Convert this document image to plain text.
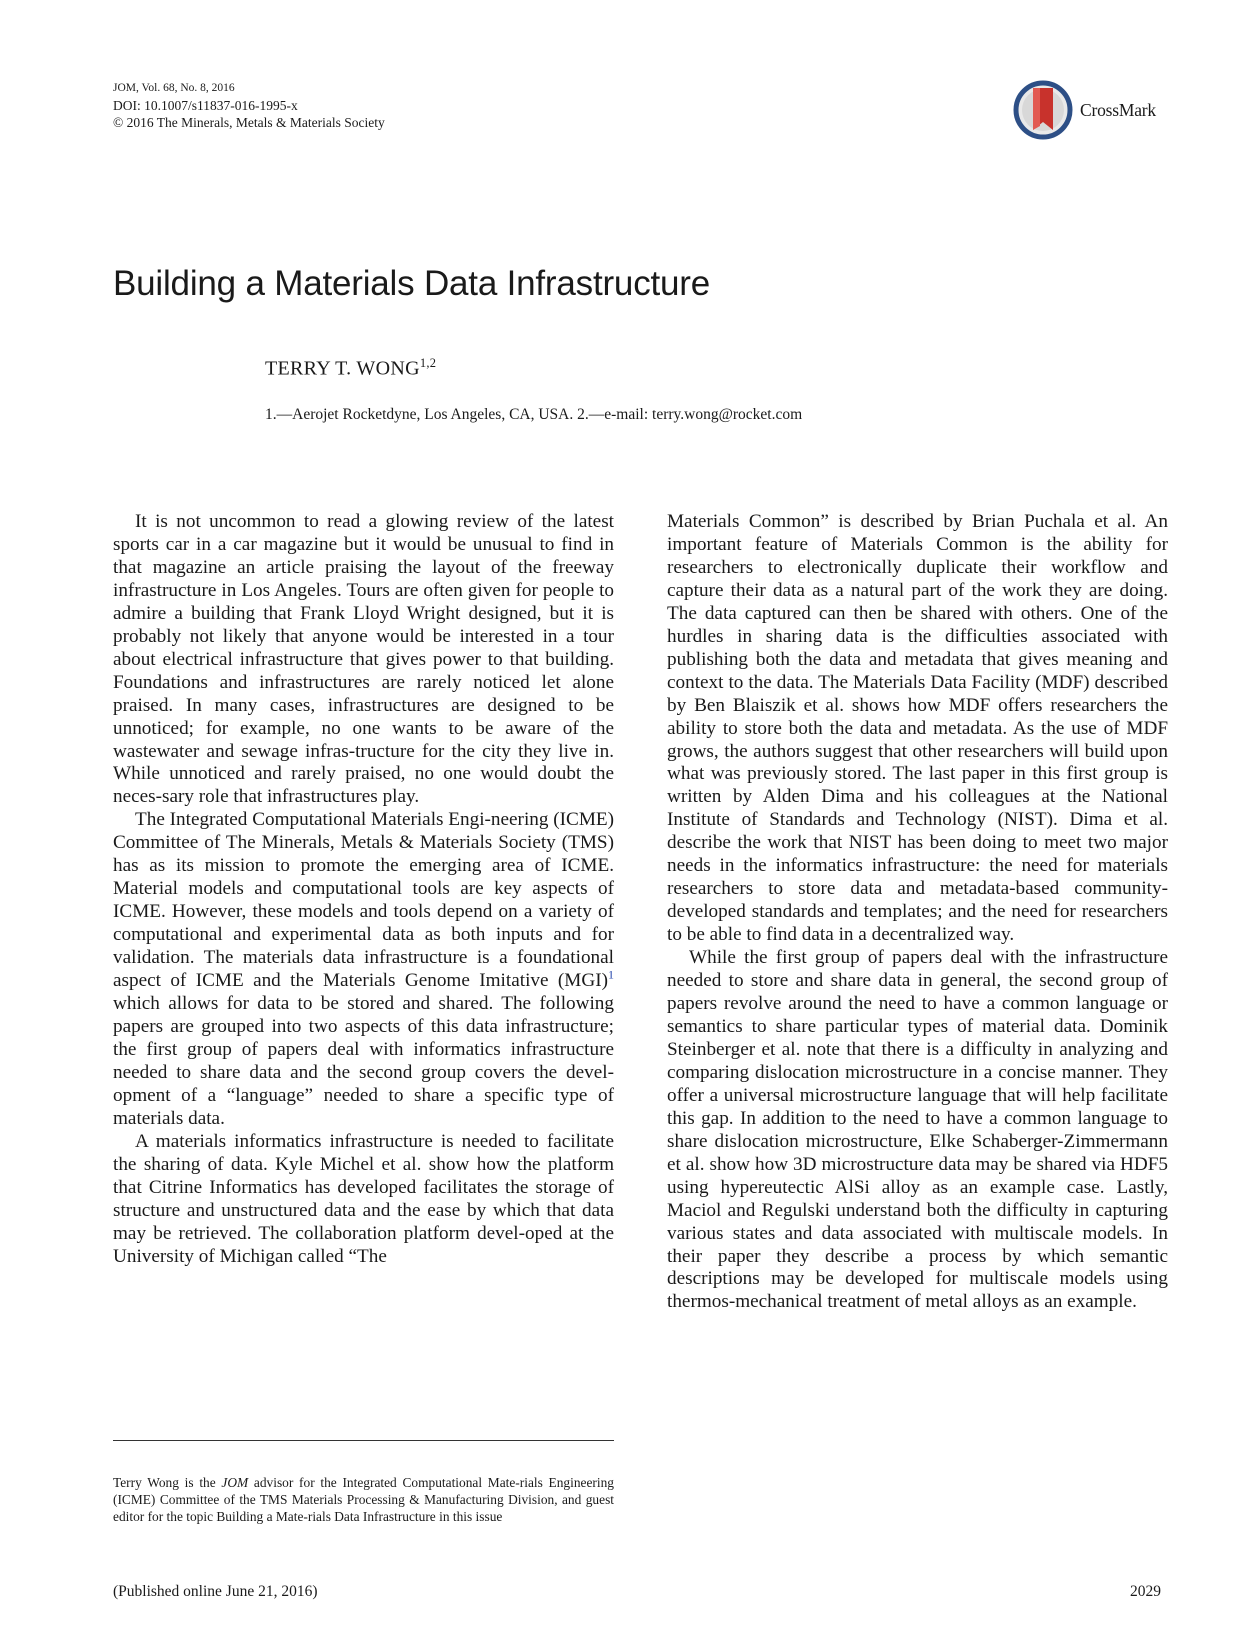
JOM, Vol. 68, No. 8, 2016
DOI: 10.1007/s11837-016-1995-x
© 2016 The Minerals, Metals & Materials Society
CrossMark
Building a Materials Data Infrastructure
TERRY T. WONG$^{1,2}$
1.—Aerojet Rocketdyne, Los Angeles, CA, USA. 2.—e-mail: terry.wong@rocket.com

It is not uncommon to read a glowing review of the latest sports car in a car magazine but it would be unusual to find in that magazine an article praising the layout of the freeway infrastructure in Los Angeles. Tours are often given for people to admire a building that Frank Lloyd Wright designed, but it is probably not likely that anyone would be interested in a tour about electrical infrastructure that gives power to that building. Foundations and infrastructures are rarely noticed let alone praised. In many cases, infrastructures are designed to be unnoticed; for example, no one wants to be aware of the wastewater and sewage infras-tructure for the city they live in. While unnoticed and rarely praised, no one would doubt the neces-sary role that infrastructures play.

The Integrated Computational Materials Engi-neering (ICME) Committee of The Minerals, Metals & Materials Society (TMS) has as its mission to promote the emerging area of ICME. Material models and computational tools are key aspects of ICME. However, these models and tools depend on a variety of computational and experimental data as both inputs and for validation. The materials data infrastructure is a foundational aspect of ICME and the Materials Genome Imitative (MGI)$^1$ which allows for data to be stored and shared. The following papers are grouped into two aspects of this data infrastructure; the first group of papers deal with informatics infrastructure needed to share data and the second group covers the devel-opment of a “language” needed to share a specific type of materials data.

A materials informatics infrastructure is needed to facilitate the sharing of data. Kyle Michel et al. show how the platform that Citrine Informatics has developed facilitates the storage of structure and unstructured data and the ease by which that data may be retrieved. The collaboration platform devel-oped at the University of Michigan called “The

Materials Common” is described by Brian Puchala et al. An important feature of Materials Common is the ability for researchers to electronically duplicate their workflow and capture their data as a natural part of the work they are doing. The data captured can then be shared with others. One of the hurdles in sharing data is the difficulties associated with publishing both the data and metadata that gives meaning and context to the data. The Materials Data Facility (MDF) described by Ben Blaiszik et al. shows how MDF offers researchers the ability to store both the data and metadata. As the use of MDF grows, the authors suggest that other researchers will build upon what was previously stored. The last paper in this first group is written by Alden Dima and his colleagues at the National Institute of Standards and Technology (NIST). Dima et al. describe the work that NIST has been doing to meet two major needs in the informatics infrastructure: the need for materials researchers to store data and metadata-based community-developed standards and templates; and the need for researchers to be able to find data in a decentralized way.

While the first group of papers deal with the infrastructure needed to store and share data in general, the second group of papers revolve around the need to have a common language or semantics to share particular types of material data. Dominik Steinberger et al. note that there is a difficulty in analyzing and comparing dislocation microstructure in a concise manner. They offer a universal microstructure language that will help facilitate this gap. In addition to the need to have a common language to share dislocation microstructure, Elke Schaberger-Zimmermann et al. show how 3D microstructure data may be shared via HDF5 using hypereutectic AlSi alloy as an example case. Lastly, Maciol and Regulski understand both the difficulty in capturing various states and data associated with multiscale models. In their paper they describe a process by which semantic descriptions may be developed for multiscale models using thermos-mechanical treatment of metal alloys as an example.

Terry Wong is the JOM advisor for the Integrated Computational Mate-rials Engineering (ICME) Committee of the TMS Materials Processing & Manufacturing Division, and guest editor for the topic Building a Mate-rials Data Infrastructure in this issue
(Published online June 21, 2016)	2029
